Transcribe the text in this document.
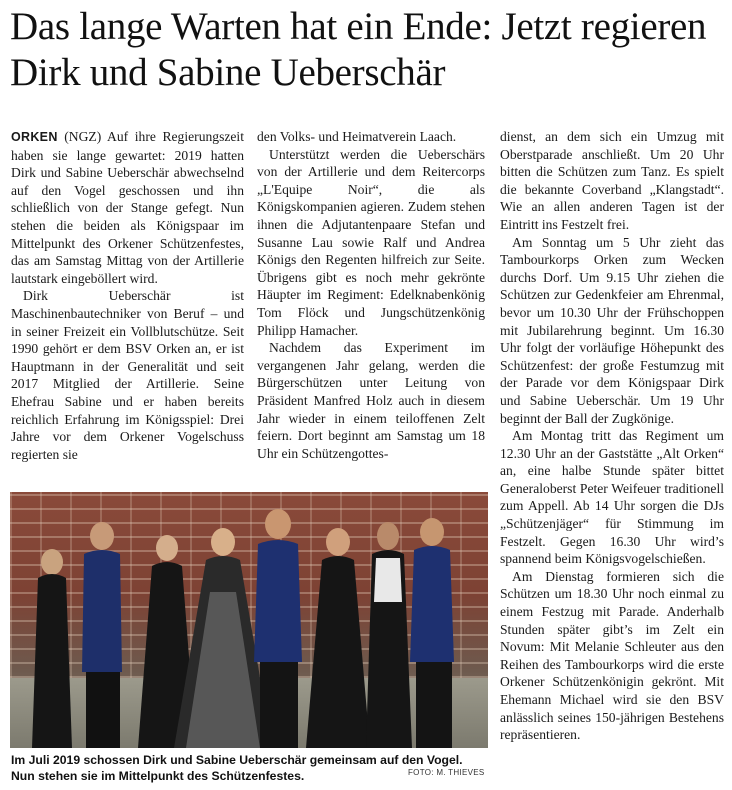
Das lange Warten hat ein Ende: Jetzt regieren Dirk und Sabine Ueberschär

ORKEN (NGZ) Auf ihre Regierungszeit haben sie lange gewartet: 2019 hatten Dirk und Sabine Ueberschär abwechselnd auf den Vogel geschossen und ihn schließlich von der Stange gefegt. Nun stehen die beiden als Königspaar im Mittelpunkt des Orkener Schützenfestes, das am Samstag Mittag von der Artillerie lautstark eingeböllert wird.

Dirk Ueberschär ist Maschinenbautechniker von Beruf – und in seiner Freizeit ein Vollblutschütze. Seit 1990 gehört er dem BSV Orken an, er ist Hauptmann in der Generalität und seit 2017 Mitglied der Artillerie. Seine Ehefrau Sabine und er haben bereits reichlich Erfahrung im Königsspiel: Drei Jahre vor dem Orkener Vogelschuss regierten sie

den Volks- und Heimatverein Laach.

Unterstützt werden die Ueberschärs von der Artillerie und dem Reitercorps „L'Equipe Noir“, die als Königskompanien agieren. Zudem stehen ihnen die Adjutantenpaare Stefan und Susanne Lau sowie Ralf und Andrea Königs den Regenten hilfreich zur Seite. Übrigens gibt es noch mehr gekrönte Häupter im Regiment: Edelknabenkönig Tom Flöck und Jungschützenkönig Philipp Hamacher.

Nachdem das Experiment im vergangenen Jahr gelang, werden die Bürgerschützen unter Leitung von Präsident Manfred Holz auch in diesem Jahr wieder in einem teiloffenen Zelt feiern. Dort beginnt am Samstag um 18 Uhr ein Schützengottes-

dienst, an dem sich ein Umzug mit Oberstparade anschließt. Um 20 Uhr bitten die Schützen zum Tanz. Es spielt die bekannte Coverband „Klangstadt“. Wie an allen anderen Tagen ist der Eintritt ins Festzelt frei.

Am Sonntag um 5 Uhr zieht das Tambourkorps Orken zum Wecken durchs Dorf. Um 9.15 Uhr ziehen die Schützen zur Gedenkfeier am Ehrenmal, bevor um 10.30 Uhr der Frühschoppen mit Jubilarehrung beginnt. Um 16.30 Uhr folgt der vorläufige Höhepunkt des Schützenfest: der große Festumzug mit der Parade vor dem Königspaar Dirk und Sabine Ueberschär. Um 19 Uhr beginnt der Ball der Zugkönige.

Am Montag tritt das Regiment um 12.30 Uhr an der Gaststätte „Alt Orken“ an, eine halbe Stunde später bittet Generaloberst Peter Weifeuer traditionell zum Appell. Ab 14 Uhr sorgen die DJs „Schützenjäger“ für Stimmung im Festzelt. Gegen 16.30 Uhr wird’s spannend beim Königsvogelschießen.

Am Dienstag formieren sich die Schützen um 18.30 Uhr noch einmal zu einem Festzug mit Parade. Anderhalb Stunden später gibt’s im Zelt ein Novum: Mit Melanie Schleuter aus den Reihen des Tambourkorps wird die erste Orkener Schützenkönigin gekrönt. Mit Ehemann Michael wird sie den BSV anlässlich seines 150-jährigen Bestehens repräsentieren.

Im Juli 2019 schossen Dirk und Sabine Ueberschär gemeinsam auf den Vogel. Nun stehen sie im Mittelpunkt des Schützenfestes.	FOTO: M. THIEVES
